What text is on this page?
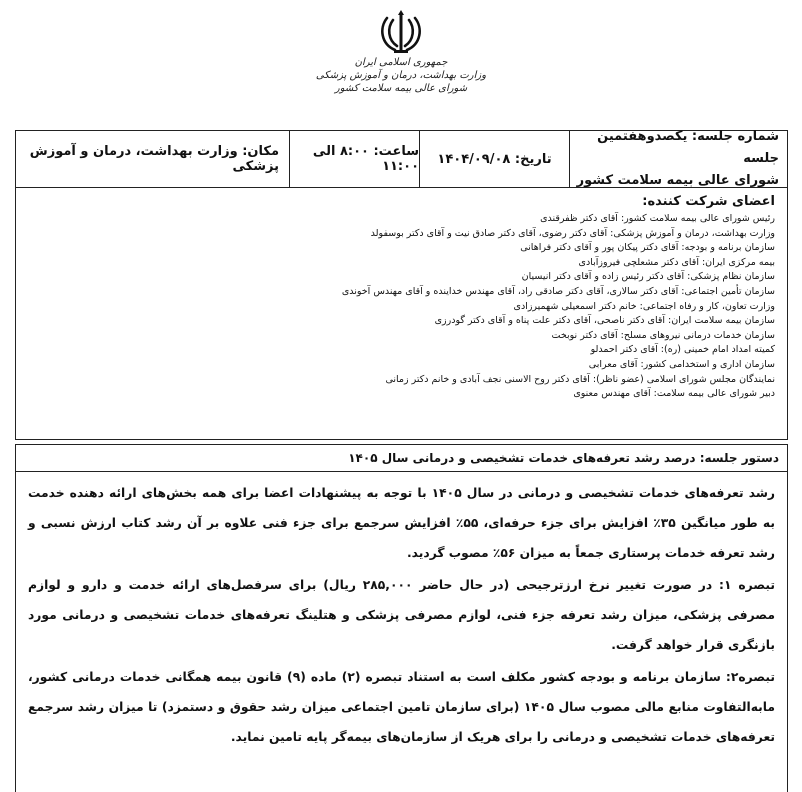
جمهوری اسلامی ایران
وزارت بهداشت، درمان و آموزش پزشکی
شورای عالی بیمه سلامت کشور
شماره جلسه: یکصدوهفتمین جلسه
شورای عالی بیمه سلامت کشور
تاریخ: ۱۴۰۴/۰۹/۰۸
ساعت: ۸:۰۰ الی ۱۱:۰۰
مکان: وزارت بهداشت، درمان و آموزش پزشکی
اعضای شرکت کننده:
رئیس شورای عالی بیمه سلامت کشور: آقای دکتر ظفرقندی
وزارت بهداشت، درمان و آموزش پزشکی: آقای دکتر رضوی، آقای دکتر صادق نیت و آقای دکتر بوسفولد
سازمان برنامه و بودجه: آقای دکتر پیکان پور و آقای دکتر فراهانی
بیمه مرکزی ایران: آقای دکتر مشعلچی فیروزآبادی
سازمان نظام پزشکی: آقای دکتر رئیس زاده و آقای دکتر انیسیان
سازمان تأمین اجتماعی: آقای دکتر سالاری، آقای دکتر صادقی راد، آقای مهندس خداینده و آقای مهندس آخوندی
وزارت تعاون، کار و رفاه اجتماعی: خانم دکتر اسمعیلی شهمیرزادی
سازمان بیمه سلامت ایران: آقای دکتر ناصحی، آقای دکتر علت پناه و آقای دکتر گودرزی
سازمان خدمات درمانی نیروهای مسلح: آقای دکتر نوبخت
کمیته امداد امام خمینی (ره): آقای دکتر احمدلو
سازمان اداری و استخدامی کشور: آقای معرابی
نمایندگان مجلس شورای اسلامی (عضو ناظر): آقای دکتر روح الاسنی نجف آبادی و خانم دکتر زمانی
دبیر شورای عالی بیمه سلامت: آقای مهندس معنوی
دستور جلسه: درصد رشد تعرفه‌های خدمات تشخیصی و درمانی سال ۱۴۰۵

رشد تعرفه‌های خدمات تشخیصی و درمانی در سال ۱۴۰۵ با توجه به پیشنهادات اعضا برای همه بخش‌های ارائه دهنده خدمت به طور میانگین ۳۵٪ افزایش برای جزء حرفه‌ای، ۵۵٪ افزایش سرجمع برای جزء فنی علاوه بر آن رشد کتاب ارزش نسبی و رشد تعرفه خدمات پرستاری جمعاً به میزان ۵۶٪ مصوب گردید.

تبصره ۱: در صورت تغییر نرخ ارزترجیحی (در حال حاضر ۲۸۵,۰۰۰ ریال) برای سرفصل‌های ارائه خدمت و دارو و لوازم مصرفی پزشکی، میزان رشد تعرفه جزء فنی، لوازم مصرفی پزشکی و هتلینگ تعرفه‌های خدمات تشخیصی و درمانی مورد بازنگری قرار خواهد گرفت.

تبصره۲: سازمان برنامه و بودجه کشور مکلف است به استناد تبصره (۲) ماده (۹) قانون بیمه همگانی خدمات درمانی کشور، مابه‌التفاوت منابع مالی مصوب سال ۱۴۰۵ (برای سازمان تامین اجتماعی میزان رشد حقوق و دستمزد) تا میزان رشد سرجمع تعرفه‌های خدمات تشخیصی و درمانی را برای هریک از سازمان‌های بیمه‌گر پایه تامین نماید.
